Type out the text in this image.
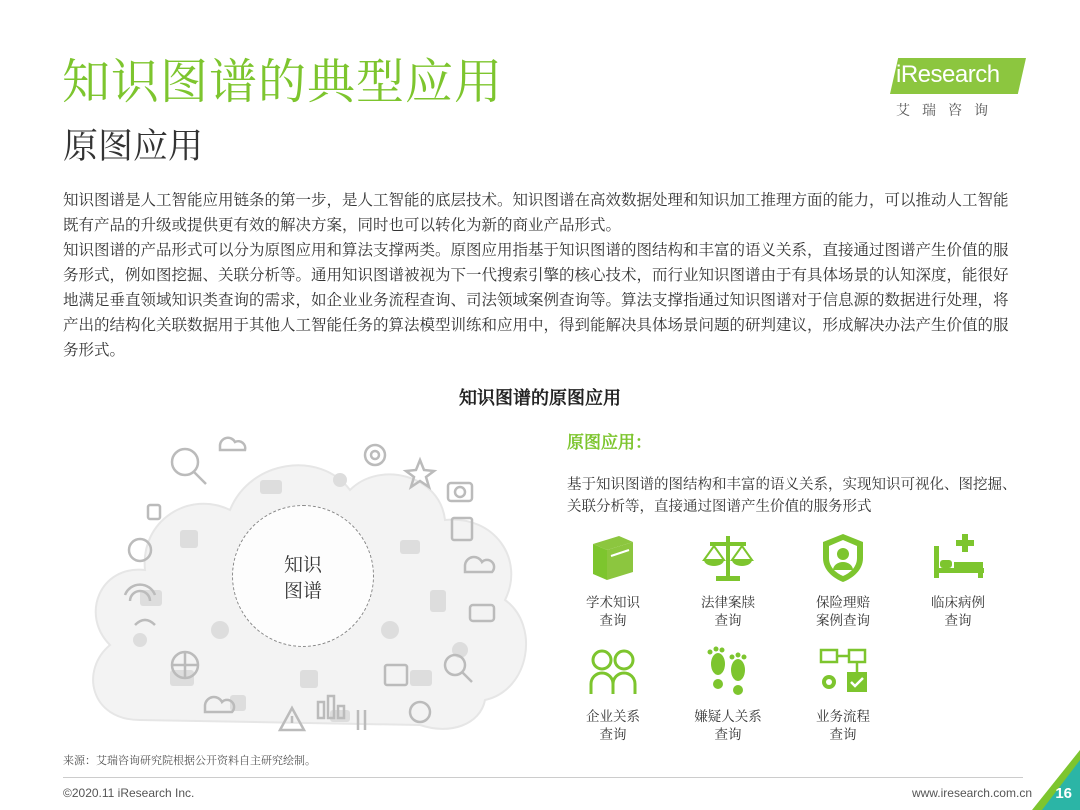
知识图谱的典型应用
原图应用
iResearch
艾瑞咨询

知识图谱是人工智能应用链条的第一步，是人工智能的底层技术。知识图谱在高效数据处理和知识加工推理方面的能力，可以推动人工智能既有产品的升级或提供更有效的解决方案，同时也可以转化为新的商业产品形式。

知识图谱的产品形式可以分为原图应用和算法支撑两类。原图应用指基于知识图谱的图结构和丰富的语义关系，直接通过图谱产生价值的服务形式，例如图挖掘、关联分析等。通用知识图谱被视为下一代搜索引擎的核心技术，而行业知识图谱由于有具体场景的认知深度，能很好地满足垂直领域知识类查询的需求，如企业业务流程查询、司法领域案例查询等。算法支撑指通过知识图谱对于信息源的数据进行处理，将产出的结构化关联数据用于其他人工智能任务的算法模型训练和应用中，得到能解决具体场景问题的研判建议，形成解决办法产生价值的服务形式。

知识图谱的原图应用
知识
图谱
原图应用：
基于知识图谱的图结构和丰富的语义关系，实现知识可视化、图挖掘、关联分析等，直接通过图谱产生价值的服务形式
学术知识
查询
法律案牍
查询
保险理赔
案例查询
临床病例
查询
企业关系
查询
嫌疑人关系
查询
业务流程
查询
来源：艾瑞咨询研究院根据公开资料自主研究绘制。
©2020.11 iResearch Inc.	www.iresearch.com.cn 16
